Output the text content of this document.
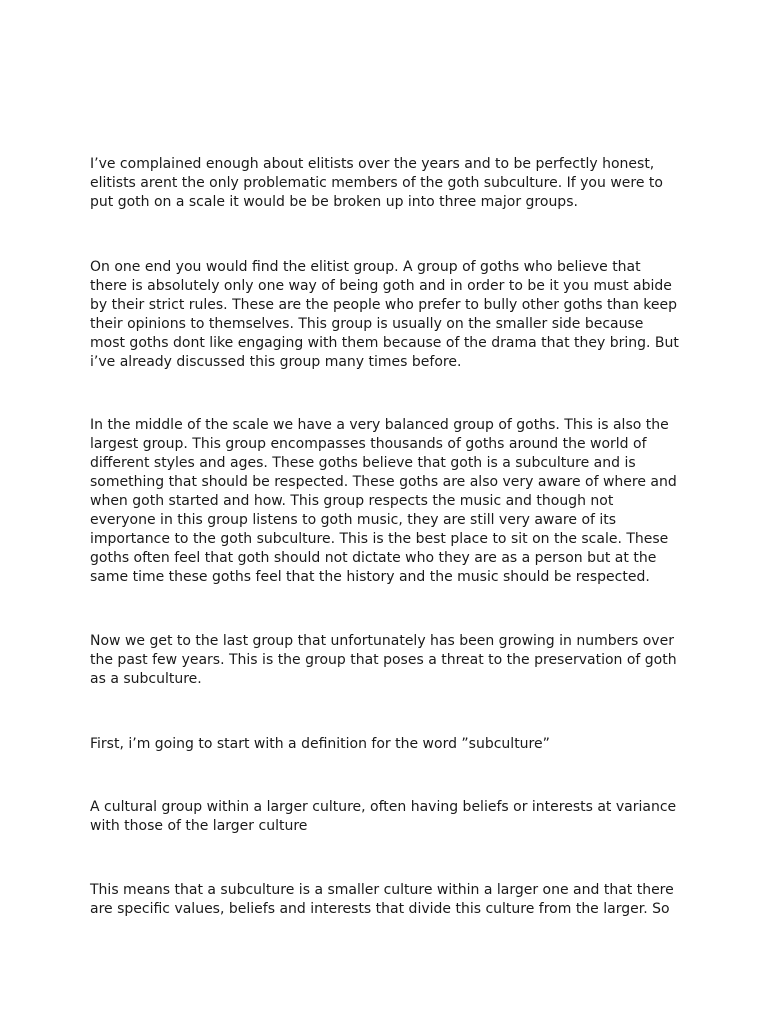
I’ve complained enough about elitists over the years and to be perfectly honest, elitists arent the only problematic members of the goth subculture. If you were to put goth on a scale it would be be broken up into three major groups.

On one end you would find the elitist group. A group of goths who believe that there is absolutely only one way of being goth and in order to be it you must abide by their strict rules. These are the people who prefer to bully other goths than keep their opinions to themselves. This group is usually on the smaller side because most goths dont like engaging with them because of the drama that they bring. But i’ve already discussed this group many times before.

In the middle of the scale we have a very balanced group of goths. This is also the largest group. This group encompasses thousands of goths around the world of different styles and ages. These goths believe that goth is a subculture and is something that should be respected. These goths are also very aware of where and when goth started and how. This group respects the music and though not everyone in this group listens to goth music, they are still very aware of its importance to the goth subculture. This is the best place to sit on the scale. These goths often feel that goth should not dictate who they are as a person but at the same time these goths feel that the history and the music should be respected.

Now we get to the last group that unfortunately has been growing in numbers over the past few years. This is the group that poses a threat to the preservation of goth as a subculture.

First, i’m going to start with a definition for the word ”subculture”

A cultural group within a larger culture, often having beliefs or interests at variance with those of the larger culture

This means that a subculture is a smaller culture within a larger one and that there are specific values, beliefs and interests that divide this culture from the larger. So
